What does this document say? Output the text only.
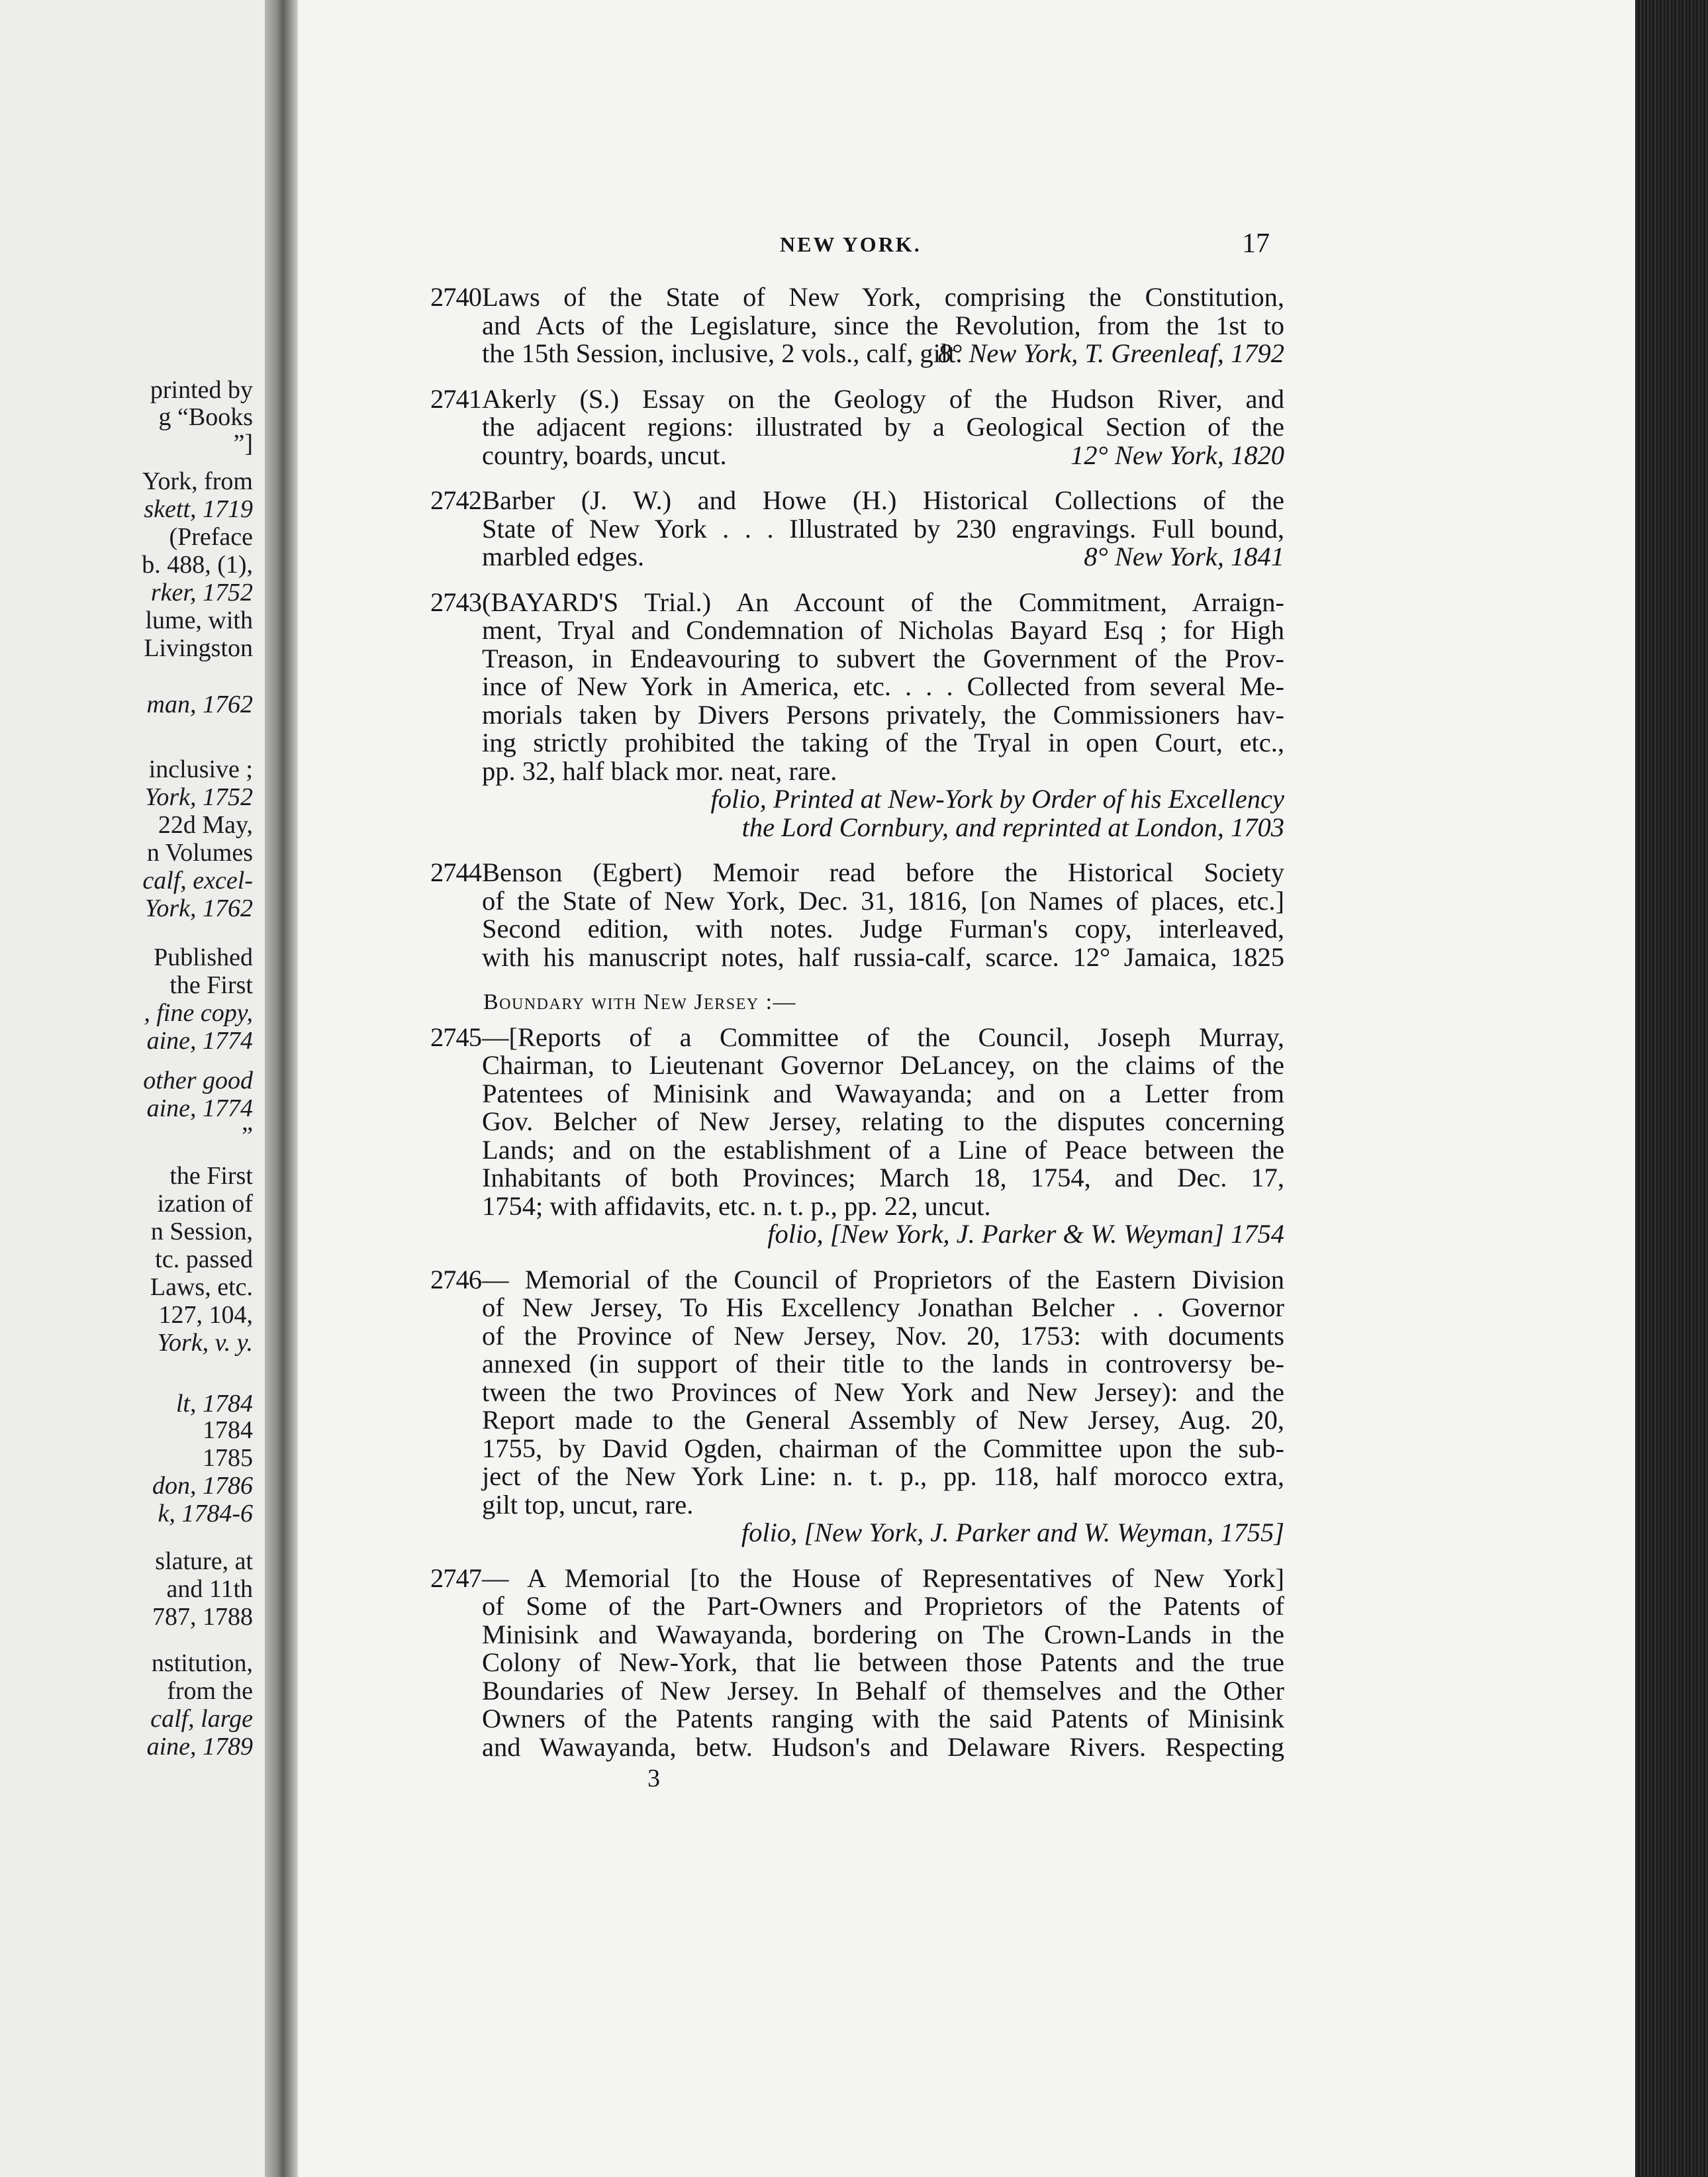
printed by
g “Books
”]
York, from
skett, 1719
(Preface
b. 488, (1),
rker, 1752
lume, with
Livingston
man, 1762
inclusive ;
York, 1752
22d May,
n Volumes
calf, excel-
York, 1762
Published
the First
, fine copy,
aine, 1774
other good
aine, 1774
”
the First
ization of
n Session,
tc. passed
Laws, etc.
127, 104,
York, v. y.
lt, 1784
1784
1785
don, 1786
k, 1784-6
slature, at
and 11th
787, 1788
nstitution,
from the
calf, large
aine, 1789
NEW YORK.	17
2740Laws of the State of New York, comprising the Constitution,
and Acts of the Legislature, since the Revolution, from the 1st to
the 15th Session, inclusive, 2 vols., calf, gilt.
8° New York, T. Greenleaf, 1792
2741Akerly (S.) Essay on the Geology of the Hudson River, and
the adjacent regions: illustrated by a Geological Section of the
country, boards, uncut.	12° New York, 1820
2742Barber (J. W.) and Howe (H.) Historical Collections of the
State of New York . . . Illustrated by 230 engravings. Full bound,
marbled edges.	8° New York, 1841
2743(BAYARD'S Trial.) An Account of the Commitment, Arraign-
ment, Tryal and Condemnation of Nicholas Bayard Esq ; for High
Treason, in Endeavouring to subvert the Government of the Prov-
ince of New York in America, etc. . . . Collected from several Me-
morials taken by Divers Persons privately, the Commissioners hav-
ing strictly prohibited the taking of the Tryal in open Court, etc.,
pp. 32, half black mor. neat, rare.
folio, Printed at New-York by Order of his Excellency
the Lord Cornbury, and reprinted at London, 1703
2744Benson (Egbert) Memoir read before the Historical Society
of the State of New York, Dec. 31, 1816, [on Names of places, etc.]
Second edition, with notes. Judge Furman's copy, interleaved,
with his manuscript notes, half russia-calf, scarce. 12° Jamaica, 1825
Boundary with New Jersey :—
2745—[Reports of a Committee of the Council, Joseph Murray,
Chairman, to Lieutenant Governor DeLancey, on the claims of the
Patentees of Minisink and Wawayanda; and on a Letter from
Gov. Belcher of New Jersey, relating to the disputes concerning
Lands; and on the establishment of a Line of Peace between the
Inhabitants of both Provinces; March 18, 1754, and Dec. 17,
1754; with affidavits, etc. n. t. p., pp. 22, uncut.
folio, [New York, J. Parker & W. Weyman] 1754
2746— Memorial of the Council of Proprietors of the Eastern Division
of New Jersey, To His Excellency Jonathan Belcher . . Governor
of the Province of New Jersey, Nov. 20, 1753: with documents
annexed (in support of their title to the lands in controversy be-
tween the two Provinces of New York and New Jersey): and the
Report made to the General Assembly of New Jersey, Aug. 20,
1755, by David Ogden, chairman of the Committee upon the sub-
ject of the New York Line: n. t. p., pp. 118, half morocco extra,
gilt top, uncut, rare.
folio, [New York, J. Parker and W. Weyman, 1755]
2747— A Memorial [to the House of Representatives of New York]
of Some of the Part-Owners and Proprietors of the Patents of
Minisink and Wawayanda, bordering on The Crown-Lands in the
Colony of New-York, that lie between those Patents and the true
Boundaries of New Jersey. In Behalf of themselves and the Other
Owners of the Patents ranging with the said Patents of Minisink
and Wawayanda, betw. Hudson's and Delaware Rivers. Respecting
3
